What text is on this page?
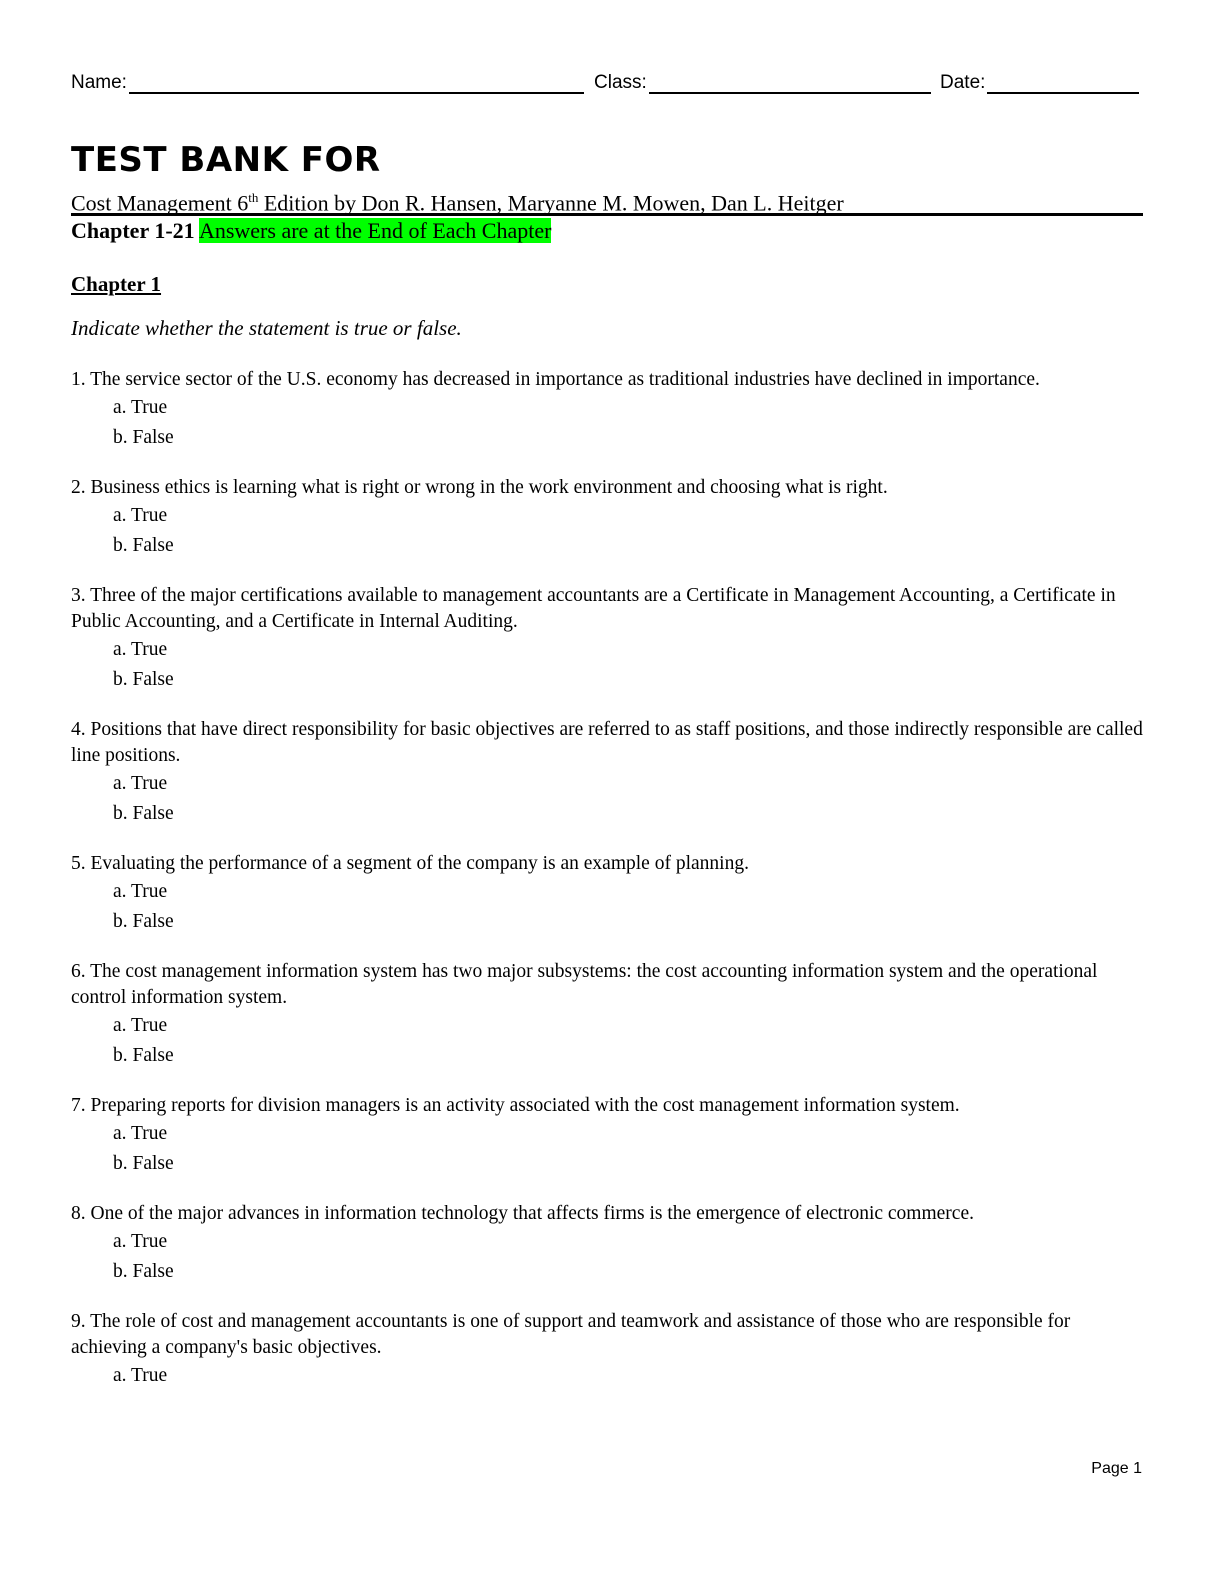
Name:	Class:	Date:
TEST BANK FOR
Cost Management 6th Edition by Don R. Hansen, Maryanne M. Mowen, Dan L. Heitger
Chapter 1-21 Answers are at the End of Each Chapter
Chapter 1
Indicate whether the statement is true or false.
1. The service sector of the U.S. economy has decreased in importance as traditional industries have declined in importance.
a. True
b. False
2. Business ethics is learning what is right or wrong in the work environment and choosing what is right.
a. True
b. False
3. Three of the major certifications available to management accountants are a Certificate in Management Accounting, a Certificate in Public Accounting, and a Certificate in Internal Auditing.
a. True
b. False
4. Positions that have direct responsibility for basic objectives are referred to as staff positions, and those indirectly responsible are called line positions.
a. True
b. False
5. Evaluating the performance of a segment of the company is an example of planning.
a. True
b. False
6. The cost management information system has two major subsystems: the cost accounting information system and the operational control information system.
a. True
b. False
7. Preparing reports for division managers is an activity associated with the cost management information system.
a. True
b. False
8. One of the major advances in information technology that affects firms is the emergence of electronic commerce.
a. True
b. False
9. The role of cost and management accountants is one of support and teamwork and assistance of those who are responsible for achieving a company's basic objectives.
a. True
Page 1
